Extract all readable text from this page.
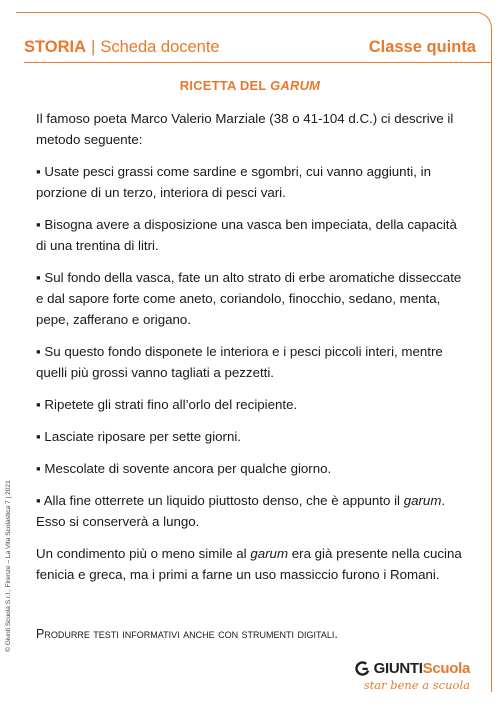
STORIA | Scheda docente	Classe quinta
RICETTA DEL GARUM

Il famoso poeta Marco Valerio Marziale (38 o 41-104 d.C.) ci descrive il metodo seguente:

▪ Usate pesci grassi come sardine e sgombri, cui vanno aggiunti, in porzione di un terzo, interiora di pesci vari.
▪ Bisogna avere a disposizione una vasca ben impeciata, della capacità di una trentina di litri.
▪ Sul fondo della vasca, fate un alto strato di erbe aromatiche disseccate e dal sapore forte come aneto, coriandolo, finocchio, sedano, menta, pepe, zafferano e origano.
▪ Su questo fondo disponete le interiora e i pesci piccoli interi, mentre quelli più grossi vanno tagliati a pezzetti.
▪ Ripetete gli strati fino all’orlo del recipiente.
▪ Lasciate riposare per sette giorni.
▪ Mescolate di sovente ancora per qualche giorno.
▪ Alla fine otterrete un liquido piuttosto denso, che è appunto il garum. Esso si conserverà a lungo.

Un condimento più o meno simile al garum era già presente nella cucina fenicia e greca, ma i primi a farne un uso massiccio furono i Romani.

© Giunti Scuola S.r.l., Firenze – La Vita Scolastica 7 | 2021 Produrre testi informativi anche con strumenti digitali.
GIUNTI Scuola
star bene a scuola
